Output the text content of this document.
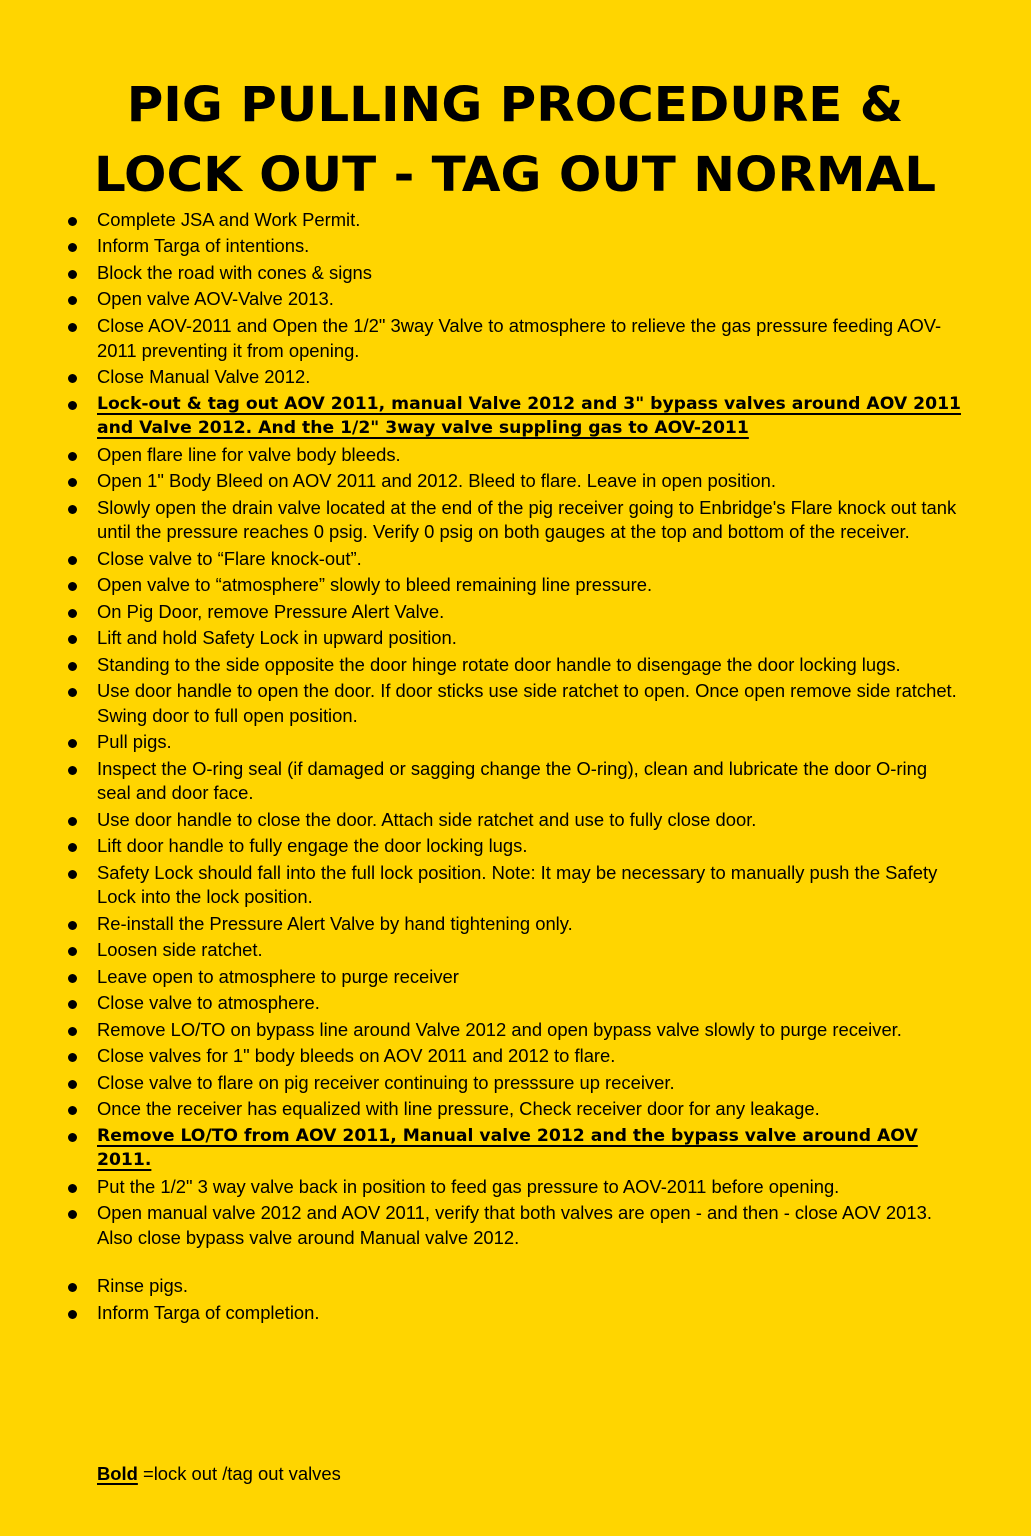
PIG PULLING PROCEDURE &
LOCK OUT - TAG OUT NORMAL
Complete JSA and Work Permit.
Inform Targa of intentions.
Block the road with cones & signs
Open valve AOV-Valve 2013.
Close AOV-2011 and Open the 1/2" 3way Valve to atmosphere to relieve the gas pressure feeding AOV-2011 preventing it from opening.
Close Manual Valve 2012.
Lock-out & tag out AOV 2011, manual Valve 2012 and 3" bypass valves around AOV 2011 and Valve 2012. And the 1/2" 3way valve suppling gas to AOV-2011
Open flare line for valve body bleeds.
Open 1" Body Bleed on AOV 2011 and 2012. Bleed to flare. Leave in open position.
Slowly open the drain valve located at the end of the pig receiver going to Enbridge's Flare knock out tank until the pressure reaches 0 psig. Verify 0 psig on both gauges at the top and bottom of the receiver.
Close valve to “Flare knock-out”.
Open valve to “atmosphere” slowly to bleed remaining line pressure.
On Pig Door, remove Pressure Alert Valve.
Lift and hold Safety Lock in upward position.
Standing to the side opposite the door hinge rotate door handle to disengage the door locking lugs.
Use door handle to open the door. If door sticks use side ratchet to open. Once open remove side ratchet. Swing door to full open position.
Pull pigs.
Inspect the O-ring seal (if damaged or sagging change the O-ring), clean and lubricate the door O-ring seal and door face.
Use door handle to close the door. Attach side ratchet and use to fully close door.
Lift door handle to fully engage the door locking lugs.
Safety Lock should fall into the full lock position. Note: It may be necessary to manually push the Safety Lock into the lock position.
Re-install the Pressure Alert Valve by hand tightening only.
Loosen side ratchet.
Leave open to atmosphere to purge receiver
Close valve to atmosphere.
Remove LO/TO on bypass line around Valve 2012 and open bypass valve slowly to purge receiver.
Close valves for 1" body bleeds on AOV 2011 and 2012 to flare.
Close valve to flare on pig receiver continuing to presssure up receiver.
Once the receiver has equalized with line pressure, Check receiver door for any leakage.
Remove LO/TO from AOV 2011, Manual valve 2012 and the bypass valve around AOV 2011.
Put the 1/2" 3 way valve back in position to feed gas pressure to AOV-2011 before opening.
Open manual valve 2012 and AOV 2011, verify that both valves are open - and then - close AOV 2013. Also close bypass valve around Manual valve 2012.
Rinse pigs.
Inform Targa of completion.
Bold =lock out /tag out valves
